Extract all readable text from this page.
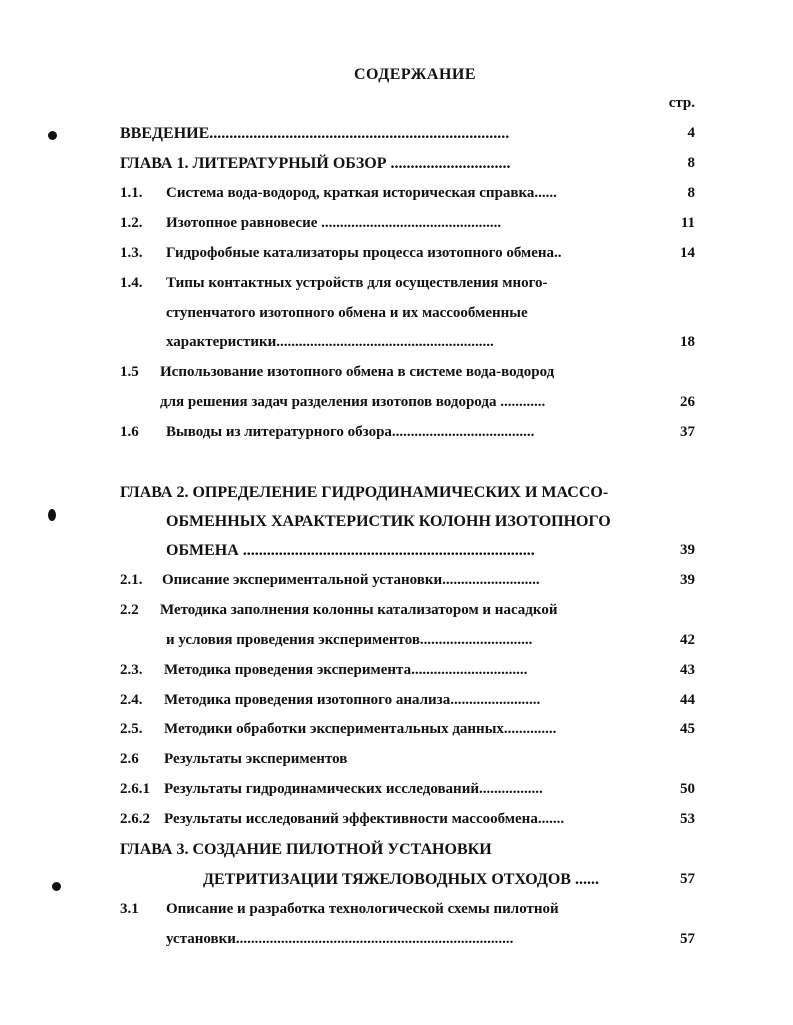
СОДЕРЖАНИЕ
стр.
ВВЕДЕНИЕ...........................................................................	4
ГЛАВА 1. ЛИТЕРАТУРНЫЙ ОБЗОР ..............................	8
1.1. Система вода-водород, краткая историческая справка......	8
1.2. Изотопное равновесие ................................................	11
1.3. Гидрофобные катализаторы процесса изотопного обмена..	14
1.4. Типы контактных устройств для осуществления много-
ступенчатого изотопного обмена и их массообменные
характеристики..........................................................	18
1.5 Использование изотопного обмена в системе вода-водород
для решения задач разделения изотопов водорода ............	26
1.6 Выводы из литературного обзора......................................	37
ГЛАВА 2. ОПРЕДЕЛЕНИЕ ГИДРОДИНАМИЧЕСКИХ И МАССО-
ОБМЕННЫХ ХАРАКТЕРИСТИК КОЛОНН ИЗОТОПНОГО
ОБМЕНА .........................................................................	39
2.1. Описание экспериментальной установки..........................	39
2.2 Методика заполнения колонны катализатором и насадкой
и условия проведения экспериментов..............................	42
2.3. Методика проведения эксперимента...............................	43
2.4. Методика проведения изотопного анализа........................	44
2.5. Методики обработки экспериментальных данных..............	45
2.6 Результаты экспериментов
2.6.1 Результаты гидродинамических исследований.................	50
2.6.2 Результаты исследований эффективности массообмена.......	53
ГЛАВА 3. СОЗДАНИЕ ПИЛОТНОЙ УСТАНОВКИ
ДЕТРИТИЗАЦИИ ТЯЖЕЛОВОДНЫХ ОТХОДОВ ......	57
3.1 Описание и разработка технологической схемы пилотной
установки..........................................................................	57
